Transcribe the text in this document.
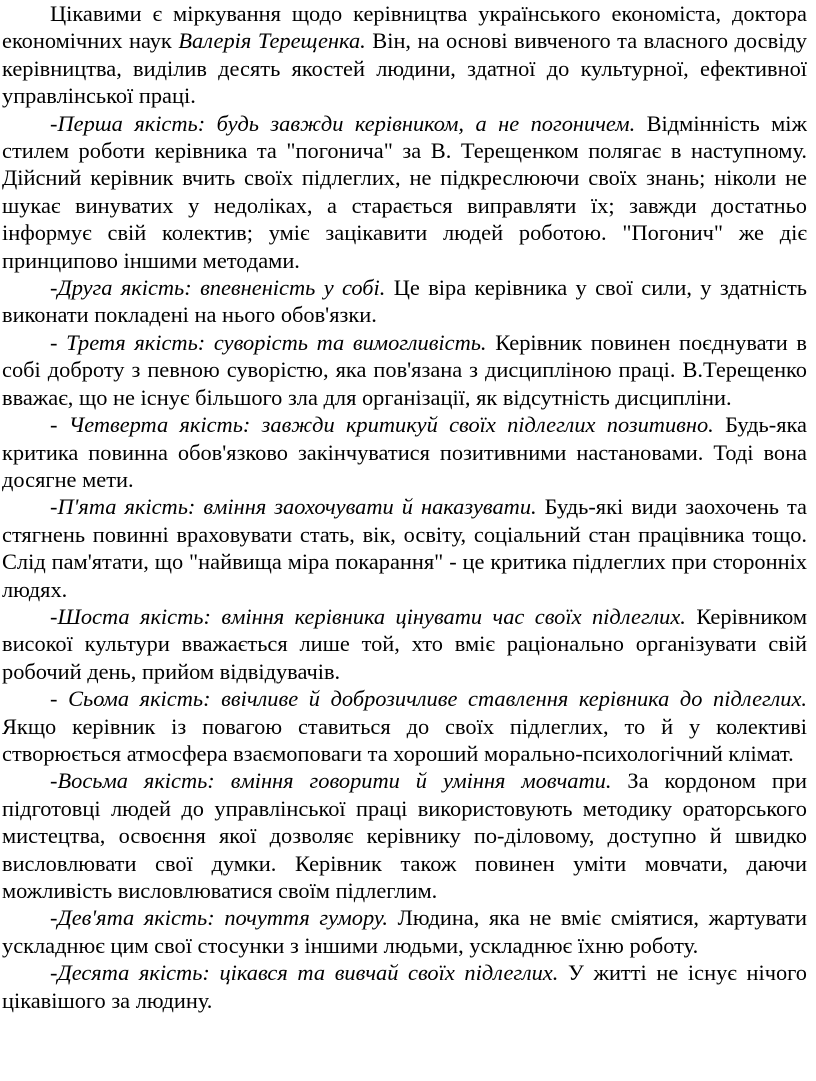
Цікавими є міркування щодо керівництва українського економіста, доктора економічних наук Валерія Терещенка. Він, на основі вивченого та власного досвіду керівництва, виділив десять якостей людини, здатної до культурної, ефективної управлінської праці.

-Перша якість: будь завжди керівником, а не погоничем. Відмінність між стилем роботи керівника та "погонича" за В. Терещенком полягає в наступному. Дійсний керівник вчить своїх підлеглих, не підкреслюючи своїх знань; ніколи не шукає винуватих у недоліках, а старається виправляти їх; завжди достатньо інформує свій колектив; уміє зацікавити людей роботою. "Погонич" же діє принципово іншими методами.

-Друга якість: впевненість у собі. Це віра керівника у свої сили, у здатність виконати покладені на нього обов'язки.

- Третя якість: суворість та вимогливість. Керівник повинен поєднувати в собі доброту з певною суворістю, яка пов'язана з дисципліною праці. В.Терещенко вважає, що не існує більшого зла для організації, як відсутність дисципліни.

- Четверта якість: завжди критикуй своїх підлеглих позитивно. Будь-яка критика повинна обов'язково закінчуватися позитивними настановами. Тоді вона досягне мети.

-П'ята якість: вміння заохочувати й наказувати. Будь-які види заохочень та стягнень повинні враховувати стать, вік, освіту, соціальний стан працівника тощо. Слід пам'ятати, що "найвища міра покарання" - це критика підлеглих при сторонніх людях.

-Шоста якість: вміння керівника цінувати час своїх підлеглих. Керівником високої культури вважається лише той, хто вміє раціонально організувати свій робочий день, прийом відвідувачів.

- Сьома якість: ввічливе й доброзичливе ставлення керівника до підлеглих. Якщо керівник із повагою ставиться до своїх підлеглих, то й у колективі створюється атмосфера взаємоповаги та хороший морально-психологічний клімат.

-Восьма якість: вміння говорити й уміння мовчати. За кордоном при підготовці людей до управлінської праці використовують методику ораторського мистецтва, освоєння якої дозволяє керівнику по-діловому, доступно й швидко висловлювати свої думки. Керівник також повинен уміти мовчати, даючи можливість висловлюватися своїм підлеглим.

-Дев'ята якість: почуття гумору. Людина, яка не вміє сміятися, жартувати ускладнює цим свої стосунки з іншими людьми, ускладнює їхню роботу.

-Десята якість: цікався та вивчай своїх підлеглих. У житті не існує нічого цікавішого за людину.
